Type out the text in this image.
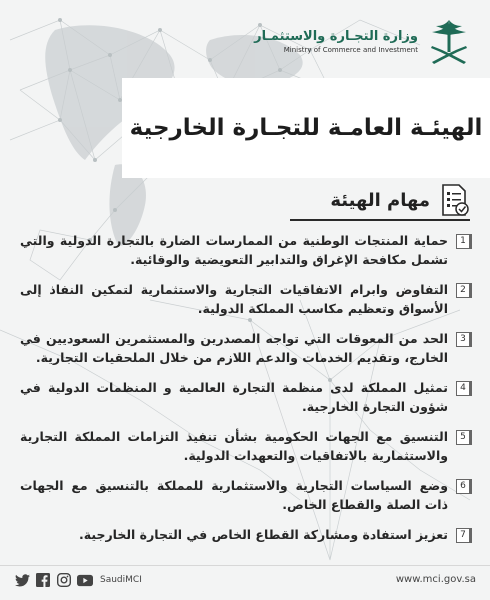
وزارة التجـارة والاستثمـار
Ministry of Commerce and Investment
الهيئـة العامـة للتجـارة الخارجية
مهام الهيئة
1
حماية المنتجات الوطنية من الممارسات الضارة بالتجارة الدولية والتي تشمل مكافحة الإغراق والتدابير التعويضية والوقائية.
2
التفاوض وابرام الاتفاقيات التجارية والاستثمارية لتمكين النفاذ إلى الأسواق وتعظيم مكاسب المملكة الدولية.
3
الحد من المعوقات التي تواجه المصدرين والمستثمرين السعوديين في الخارج، وتقديم الخدمات والدعم اللازم من خلال الملحقيات التجارية.
4
تمثيل المملكة لدى منظمة التجارة العالمية و المنظمات الدولية في شؤون التجارة الخارجية.
5
التنسيق مع الجهات الحكومية بشأن تنفيذ التزامات المملكة التجارية والاستثمارية بالاتفاقيات والتعهدات الدولية.
6
وضع السياسات التجارية والاستثمارية للمملكة بالتنسيق مع الجهات ذات الصلة والقطاع الخاص.
7
تعزيز استفادة ومشاركة القطاع الخاص في التجارة الخارجية.
SaudiMCI	www.mci.gov.sa
